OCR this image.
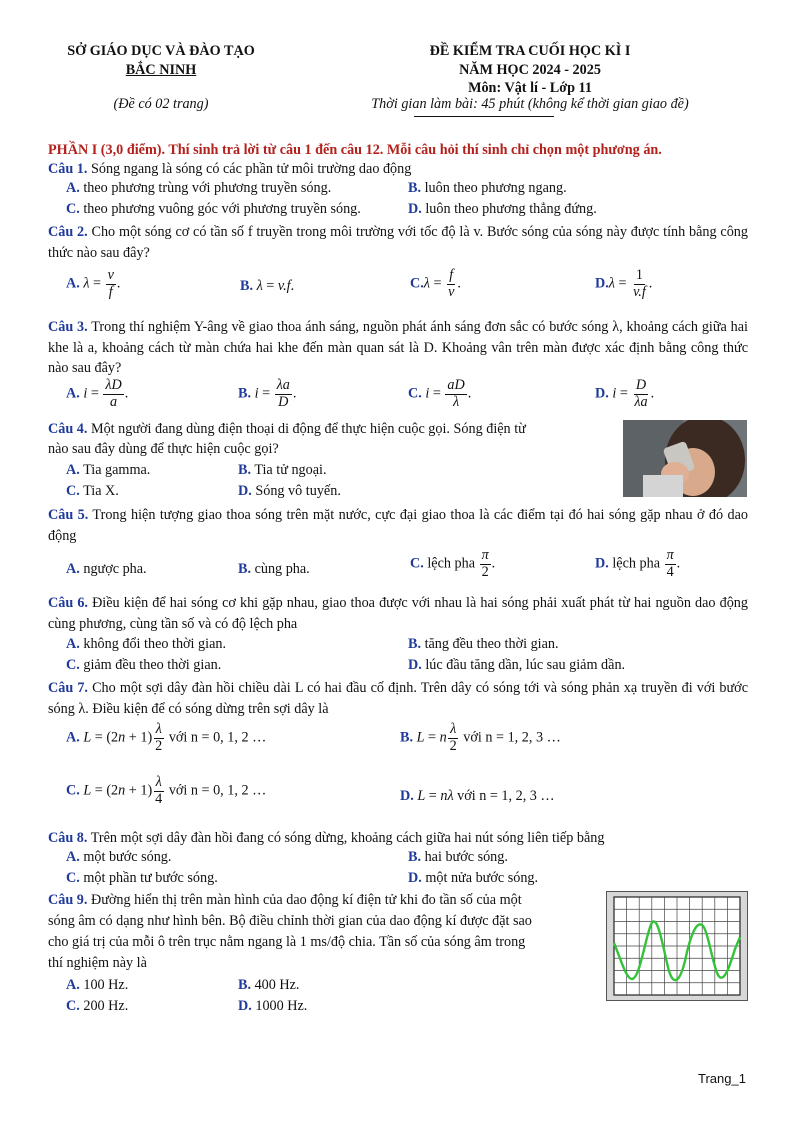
SỞ GIÁO DỤC VÀ ĐÀO TẠO
BẮC NINH
(Đề có 02 trang)
ĐỀ KIỂM TRA CUỐI HỌC KÌ I
NĂM HỌC 2024 - 2025
Môn: Vật lí - Lớp 11
Thời gian làm bài: 45 phút (không kể thời gian giao đề)
PHẦN I (3,0 điểm). Thí sinh trả lời từ câu 1 đến câu 12. Mỗi câu hỏi thí sinh chỉ chọn một phương án.
Câu 1. Sóng ngang là sóng có các phần tử môi trường dao động
A. theo phương trùng với phương truyền sóng.	B. luôn theo phương ngang.
C. theo phương vuông góc với phương truyền sóng.	D. luôn theo phương thẳng đứng.
Câu 2. Cho một sóng cơ có tần số f truyền trong môi trường với tốc độ là v. Bước sóng của sóng này được tính bằng công thức nào sau đây?
A. $\lambda = \frac{v}{f}$ .	B. λ = v.f.	$C.\lambda = \frac{f}{v}$ .	$D.\lambda = \frac{1}{v.f}$ .
Câu 3. Trong thí nghiệm Y-âng về giao thoa ánh sáng, nguồn phát ánh sáng đơn sắc có bước sóng λ, khoảng cách giữa hai khe là a, khoảng cách từ màn chứa hai khe đến màn quan sát là D. Khoảng vân trên màn được xác định bằng công thức nào sau đây?
A. $i = \frac{\lambda D}{a}$ .	B. $i = \frac{\lambda a}{D}$ .	C. $i = \frac{aD}{\lambda}$ .	D. $i = \frac{D}{\lambda a}$ .
Câu 4. Một người đang dùng điện thoại di động để thực hiện cuộc gọi. Sóng điện từ
nào sau đây dùng để thực hiện cuộc gọi?
A. Tia gamma.	B. Tia tử ngoại.
C. Tia X.	D. Sóng vô tuyến.
Câu 5. Trong hiện tượng giao thoa sóng trên mặt nước, cực đại giao thoa là các điểm tại đó hai sóng gặp nhau ở đó dao động
A. ngược pha.	B. cùng pha.	C. lệch pha $\frac{\pi}{2}$ .	D. lệch pha $\frac{\pi}{4}$ .
Câu 6. Điều kiện để hai sóng cơ khi gặp nhau, giao thoa được với nhau là hai sóng phải xuất phát từ hai nguồn dao động cùng phương, cùng tần số và có độ lệch pha
A. không đổi theo thời gian.	B. tăng đều theo thời gian.
C. giảm đều theo thời gian.	D. lúc đầu tăng dần, lúc sau giảm dần.
Câu 7. Cho một sợi dây đàn hồi chiều dài L có hai đầu cố định. Trên dây có sóng tới và sóng phản xạ truyền đi với bước sóng λ. Điều kiện để có sóng dừng trên sợi dây là
A. $L = (2n + 1) \frac{\lambda}{2}$ với n = 0, 1, 2 …	B. L = n $\frac{\lambda}{2}$ với n = 1, 2, 3 …
C. $L = (2n + 1) \frac{\lambda}{4}$ với n = 0, 1, 2 …	D. L = nλ với n = 1, 2, 3 …
Câu 8. Trên một sợi dây đàn hồi đang có sóng dừng, khoảng cách giữa hai nút sóng liên tiếp bằng
A. một bước sóng.	B. hai bước sóng.
C. một phần tư bước sóng.	D. một nửa bước sóng.
Câu 9. Đường hiển thị trên màn hình của dao động kí điện tử khi đo tần số của một
sóng âm có dạng như hình bên. Bộ điều chỉnh thời gian của dao động kí được đặt sao
cho giá trị của mỗi ô trên trục nằm ngang là 1 ms/độ chia. Tần số của sóng âm trong
thí nghiệm này là
A. 100 Hz.	B. 400 Hz.
C. 200 Hz.	D. 1000 Hz.
Trang_1
